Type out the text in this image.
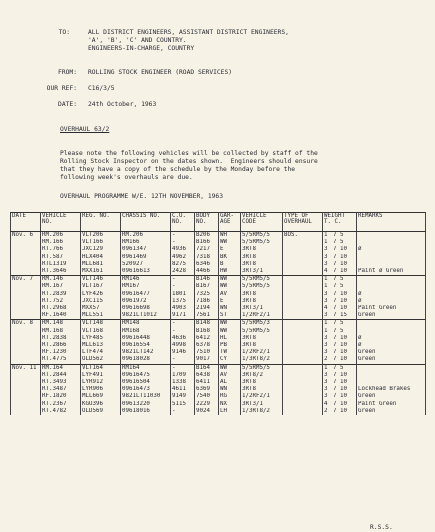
TO:	ALL DISTRICT ENGINEERS, ASSISTANT DISTRICT ENGINEERS,
'A', 'B', 'C' AND COUNTRY.
ENGINEERS-IN-CHARGE, COUNTRY
FROM: ROLLING STOCK ENGINEER (ROAD SERVICES)
OUR REF: C16/3/5
DATE: 24th October, 1963
OVERHAUL 63/2
Please note the following vehicles will be collected by staff of the
Rolling Stock Inspector on the dates shown.  Engineers should ensure
that they have a copy of the schedule by the Monday before the
following week's overhauls are due.
OVERHAUL PROGRAMME W/E. 12TH NOVEMBER, 1963
DATE	VEHICLE NO.	REG. NO.	CHASSIS NO.	C.U. NO.	BODY NO.	GAR-AGE	VEHICLE CODE	TYPE OF OVERHAUL	WEIGHT T. C.	REMARKS
Nov. 6	RM.206	VLT206	RM.206	-	B206	WH	5/5RM5/5	BOS.	1 7 5	
	RM.166	VLT166	RM166	-	B166	WW	5/5RM5/5		1 7 5	
	RT.766	JXC129	0961347	4936	7217	E	3RT8		3 7 10	ø
	RT.587	HLX404	0961469	4962	7318	BK	3RT8		3 7 10	
	RTL1319	MLL681	520927	8275	6346	B	3RT8		3 7 10	
	RT.3646	MXX161	09616613	2428	4466	HW	3RT3/1		4 7 10	Paint ø Green
Nov. 7	RM.146	VLT146	RM146	-	B146	WW	5/5RM5/5		1 7 5	
	RM.167	VLT167	RM167	-	B167	WW	5/5RM5/5		1 7 5	
	RT.2839	LYF426	09616477	1801	7325	AV	3RT8		3 7 10	ø
	RT.752	JXC115	0961972	1375	7186	E	3RT8		3 7 10	ø
	RT.2968	MXX57	09616698	4903	2194	WN	3RT3/1		4 7 10	Paint Green
	RF.1640	MLL551	9821LT1012	9171	7561	ST	1/2RF2/1		3 7 15	Green
Nov. 8	RM.148	VLT148	RM148	-	B148	WW	5/5RM5/3		1 7 5	
	RM.168	VLT168	RM168	-	B168	WW	5/5RM5/5		1 7 5	
	RT.2838	LYF485	09616448	4636	6412	HL	3RT8		3 7 10	ø
	RT.2866	MLL613	09616554	4998	6378	PB	3RT8		3 7 10	ø
	RF.1230	LTF474	9821LT142	9146	7510	TW	1/2RF2/1		3 7 10	Green
	RT.4775	OLD562	09618028	-	9017	CY	1/3RT8/2		2 7 10	Green
Nov. 11	RM.164	VLT164	RM164	-	B164	WW	5/5RM5/5		1 7 5	
	RT.2844	LYF491	09616475	1709	6438	AV	3RT8/2		3 7 10	
	RT.3493	LYR912	09616504	1338	6411	AL	3RT8		3 7 10	
	RT.3487	LYR906	09616473	4611	6369	WN	3RT8		3 7 10	Lockhead Brakes
	RF.1820	MLL669	9821LT11030	9149	7540	RG	1/2RF2/1		3 7 10	Green
	RT.2367	KGU396	09613220	5115	2229	NX	3RT3/1		4 7 10	Paint Green
	RT.4782	OLD569	09618016	-	9024	LH	1/3RT8/2		2 7 10	Green
R.S.S.
